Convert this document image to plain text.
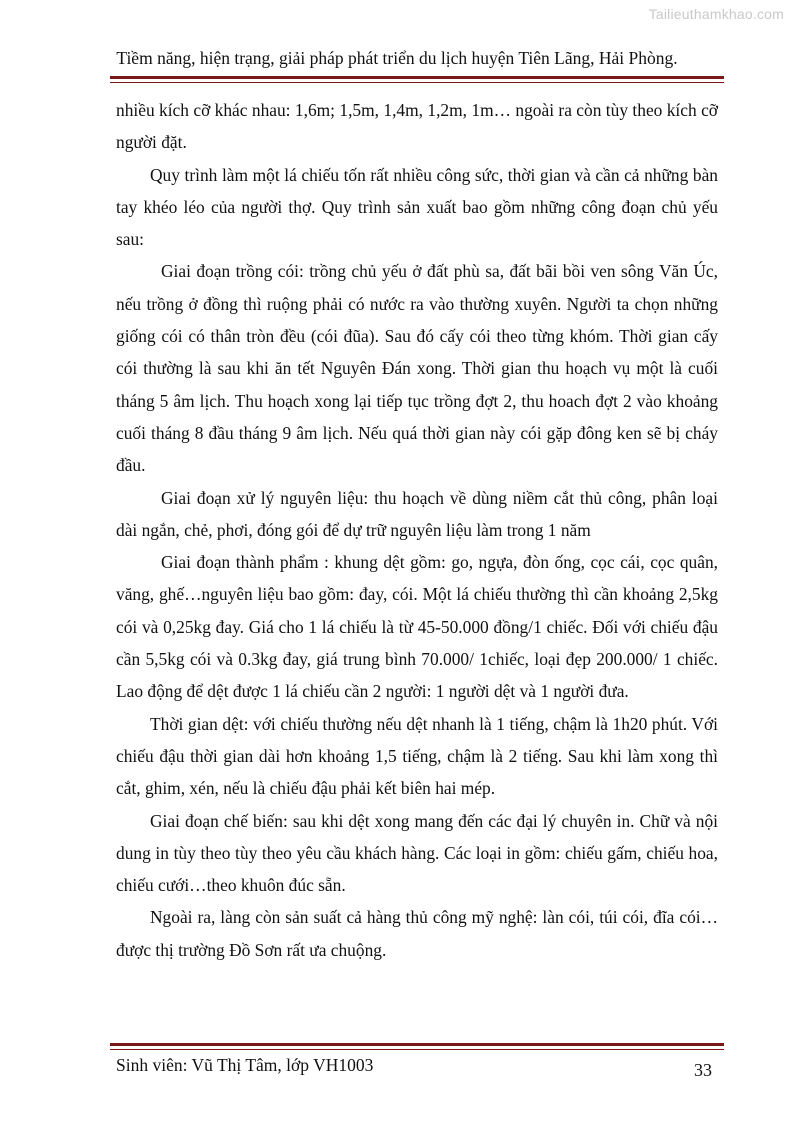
Tailieuthamkhao.com
Tiềm năng, hiện trạng, giải pháp phát triển du lịch huyện Tiên Lãng, Hải Phòng.

nhiều kích cỡ khác nhau: 1,6m; 1,5m, 1,4m, 1,2m, 1m… ngoài ra còn tùy theo kích cỡ người đặt.

Quy trình làm một lá chiếu tốn rất nhiều công sức, thời gian và cần cả những bàn tay khéo léo của người thợ. Quy trình sản xuất bao gồm những công đoạn chủ yếu sau:

Giai đoạn trồng cói: trồng chủ yếu ở đất phù sa, đất bãi bồi ven sông Văn Úc, nếu trồng ở đồng thì ruộng phải có nước ra vào thường xuyên. Người ta chọn những giống cói có thân tròn đều (cói đũa). Sau đó cấy cói theo từng khóm. Thời gian cấy cói thường là sau khi ăn tết Nguyên Đán xong. Thời gian thu hoạch vụ một là cuối tháng 5 âm lịch. Thu hoạch xong lại tiếp tục trồng đợt 2, thu hoach đợt 2 vào khoảng cuối tháng 8 đầu tháng 9 âm lịch. Nếu quá thời gian này cói gặp đông ken sẽ bị cháy đầu.

Giai đoạn xử lý nguyên liệu: thu hoạch về dùng niềm cắt thủ công, phân loại dài ngắn, chẻ, phơi, đóng gói để dự trữ nguyên liệu làm trong 1 năm

Giai đoạn thành phẩm : khung dệt gồm: go, ngựa, đòn ống, cọc cái, cọc quân, văng, ghế…nguyên liệu bao gồm: đay, cói. Một lá chiếu thường thì cần khoảng 2,5kg cói và 0,25kg đay. Giá cho 1 lá chiếu là từ 45-50.000 đồng/1 chiếc. Đối với chiếu đậu cần 5,5kg cói và 0.3kg đay, giá trung bình 70.000/ 1chiếc, loại đẹp 200.000/ 1 chiếc. Lao động để dệt được 1 lá chiếu cần 2 người: 1 người dệt và 1 người đưa.

Thời gian dệt: với chiếu thường nếu dệt nhanh là 1 tiếng, chậm là 1h20 phút. Với chiếu đậu thời gian dài hơn khoảng 1,5 tiếng, chậm là 2 tiếng. Sau khi làm xong thì cắt, ghim, xén, nếu là chiếu đậu phải kết biên hai mép.

Giai đoạn chế biến: sau khi dệt xong mang đến các đại lý chuyên in. Chữ và nội dung in tùy theo tùy theo yêu cầu khách hàng. Các loại in gồm: chiếu gấm, chiếu hoa, chiếu cưới…theo khuôn đúc sẵn.

Ngoài ra, làng còn sản suất cả hàng thủ công mỹ nghệ: làn cói, túi cói, đĩa cói…được thị trường Đồ Sơn rất ưa chuộng.

Sinh viên: Vũ Thị Tâm, lớp VH1003	33
